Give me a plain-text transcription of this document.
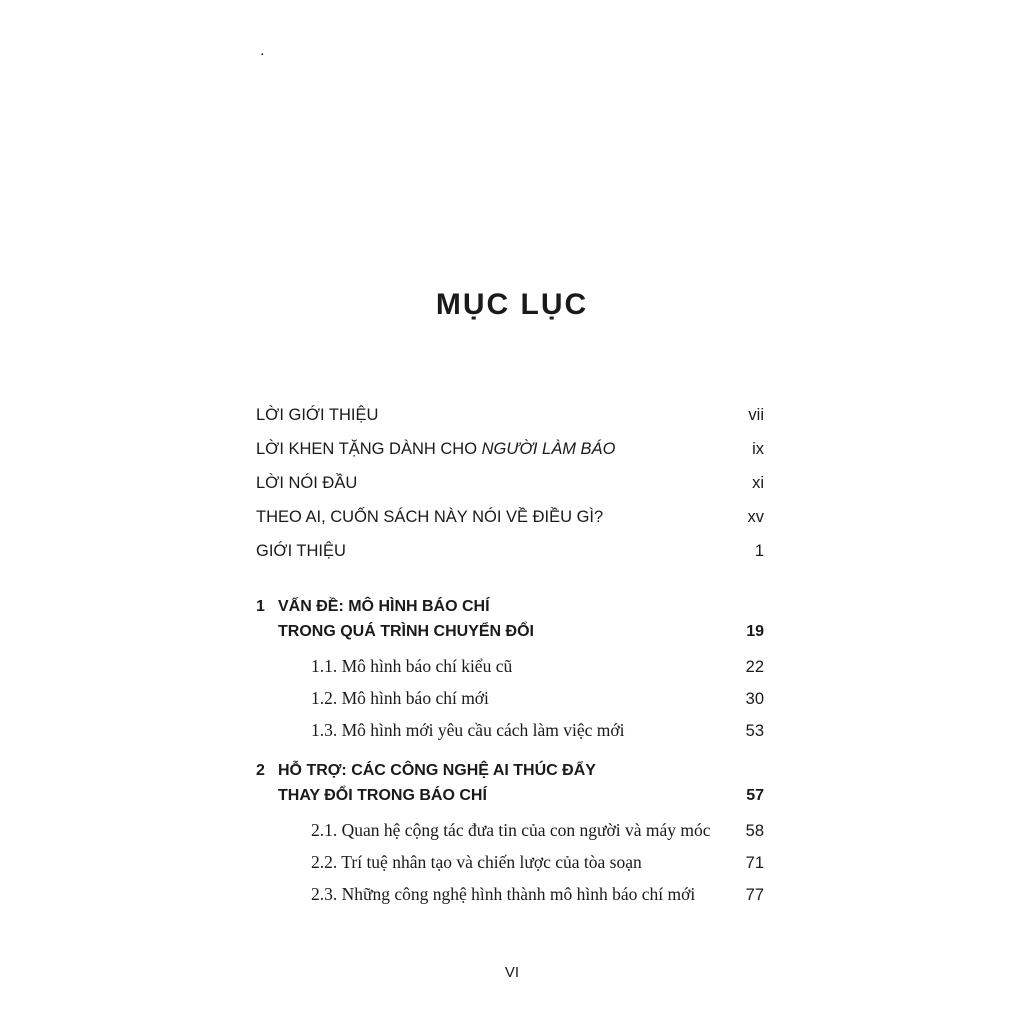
.
MỤC LỤC
LỜI GIỚI THIỆU	vii
LỜI KHEN TẶNG DÀNH CHO NGƯỜI LÀM BÁO	ix
LỜI NÓI ĐẦU	xi
THEO AI, CUỐN SÁCH NÀY NÓI VỀ ĐIỀU GÌ?	xv
GIỚI THIỆU	1
1 VẤN ĐỀ: MÔ HÌNH BÁO CHÍ
TRONG QUÁ TRÌNH CHUYỂN ĐỔI	19
1.1. Mô hình báo chí kiểu cũ	22
1.2. Mô hình báo chí mới	30
1.3. Mô hình mới yêu cầu cách làm việc mới	53
2 HỖ TRỢ: CÁC CÔNG NGHỆ AI THÚC ĐẨY
THAY ĐỔI TRONG BÁO CHÍ	57
2.1. Quan hệ cộng tác đưa tin của con người và máy móc 58
2.2. Trí tuệ nhân tạo và chiến lược của tòa soạn	71
2.3. Những công nghệ hình thành mô hình báo chí mới	77
VI
